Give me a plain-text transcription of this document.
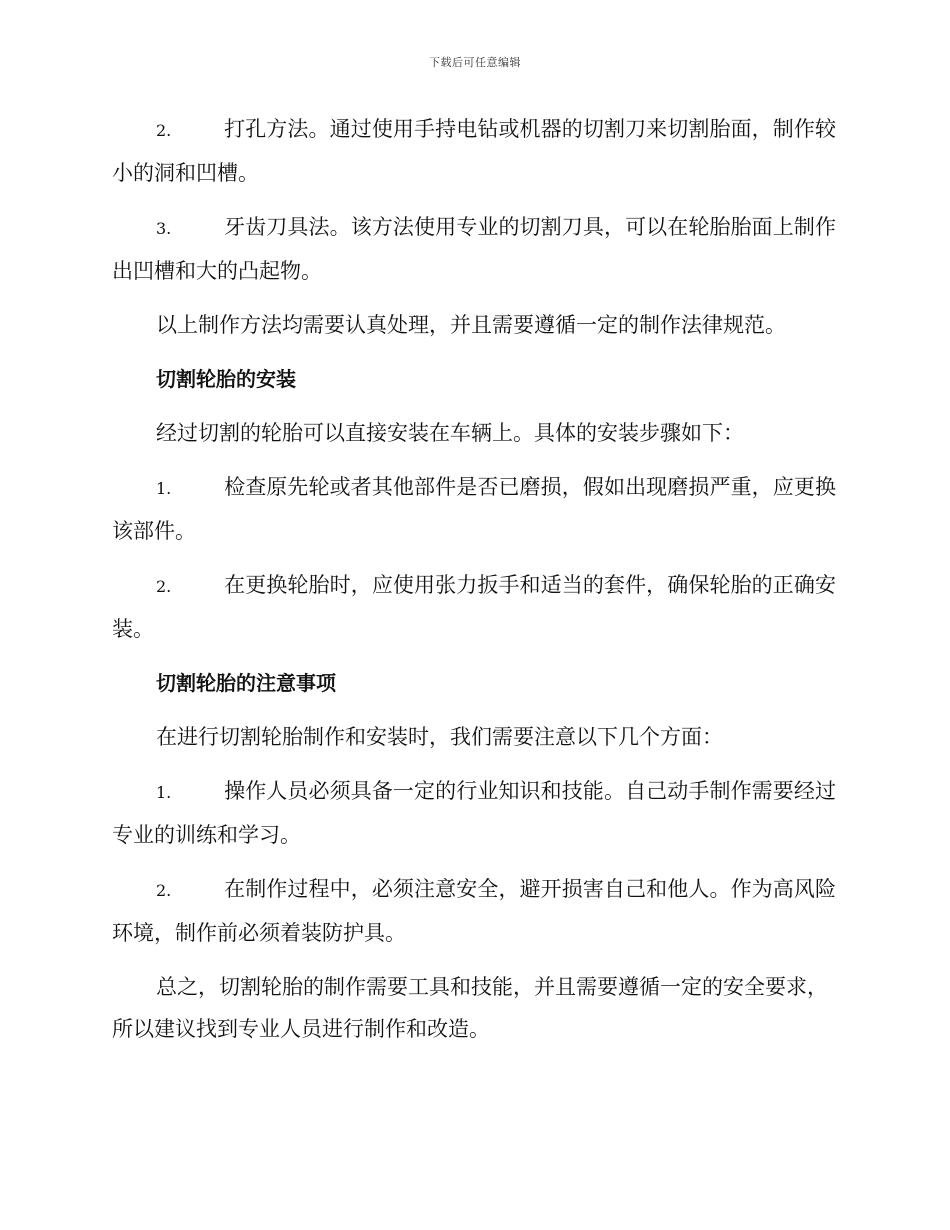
下载后可任意编辑
2.	打孔方法。通过使用手持电钻或机器的切割刀来切割胎面，制作较小的洞和凹槽。
3.	牙齿刀具法。该方法使用专业的切割刀具，可以在轮胎胎面上制作出凹槽和大的凸起物。

以上制作方法均需要认真处理，并且需要遵循一定的制作法律规范。

切割轮胎的安装

经过切割的轮胎可以直接安装在车辆上。具体的安装步骤如下：

1.	检查原先轮或者其他部件是否已磨损，假如出现磨损严重，应更换该部件。
2.	在更换轮胎时，应使用张力扳手和适当的套件，确保轮胎的正确安装。
切割轮胎的注意事项

在进行切割轮胎制作和安装时，我们需要注意以下几个方面：

1.	操作人员必须具备一定的行业知识和技能。自己动手制作需要经过专业的训练和学习。
2.	在制作过程中，必须注意安全，避开损害自己和他人。作为高风险环境，制作前必须着装防护具。

总之，切割轮胎的制作需要工具和技能，并且需要遵循一定的安全要求，所以建议找到专业人员进行制作和改造。
